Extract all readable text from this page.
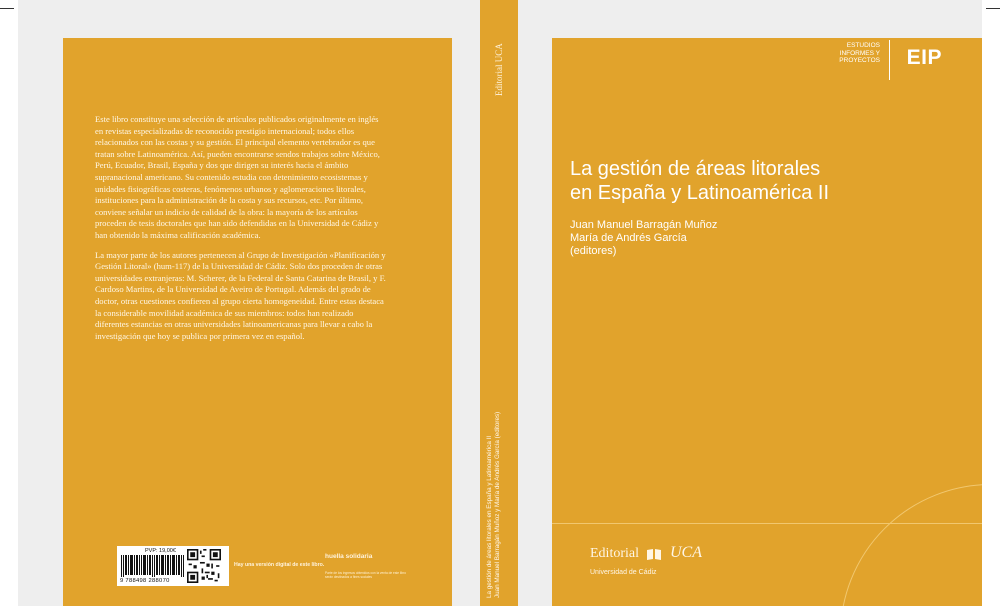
Este libro constituye una selección de artículos publicados originalmente en inglés en revistas especializadas de reconocido prestigio internacional; todos ellos relacionados con las costas y su gestión. El principal elemento vertebrador es que tratan sobre Latinoamérica. Así, pueden encontrarse sendos trabajos sobre México, Perú, Ecuador, Brasil, España y dos que dirigen su interés hacia el ámbito supranacional americano. Su contenido estudia con detenimiento ecosistemas y unidades fisiográficas costeras, fenómenos urbanos y aglomeraciones litorales, instituciones para la administración de la costa y sus recursos, etc. Por último, conviene señalar un indicio de calidad de la obra: la mayoría de los artículos proceden de tesis doctorales que han sido defendidas en la Universidad de Cádiz y han obtenido la máxima calificación académica.

La mayor parte de los autores pertenecen al Grupo de Investigación «Planificación y Gestión Litoral» (hum-117) de la Universidad de Cádiz. Solo dos proceden de otras universidades extranjeras: M. Scherer, de la Federal de Santa Catarina de Brasil, y F. Cardoso Martins, de la Universidad de Aveiro de Portugal. Además del grado de doctor, otras cuestiones confieren al grupo cierta homogeneidad. Entre estas destaca la considerable movilidad académica de sus miembros: todos han realizado diferentes estancias en otras universidades latinoamericanas para llevar a cabo la investigación que hoy se publica por primera vez en español.

PVP: 19,00€
9 788498 288070
Hay una versión digital de este libro.
huella solidaria
Parte de los ingresos obtenidos con la venta de este libro serán destinados a fines sociales
Editorial UCA
La gestión de áreas litorales en España y Latinoamérica II Juan Manuel Barragán Muñoz y María de Andrés García (editores)
ESTUDIOS
INFORMES Y
PROYECTOS EIP
La gestión de áreas litorales
en España y Latinoamérica II
Juan Manuel Barragán Muñoz
María de Andrés García
(editores)
Editorial UCA
Universidad de Cádiz
